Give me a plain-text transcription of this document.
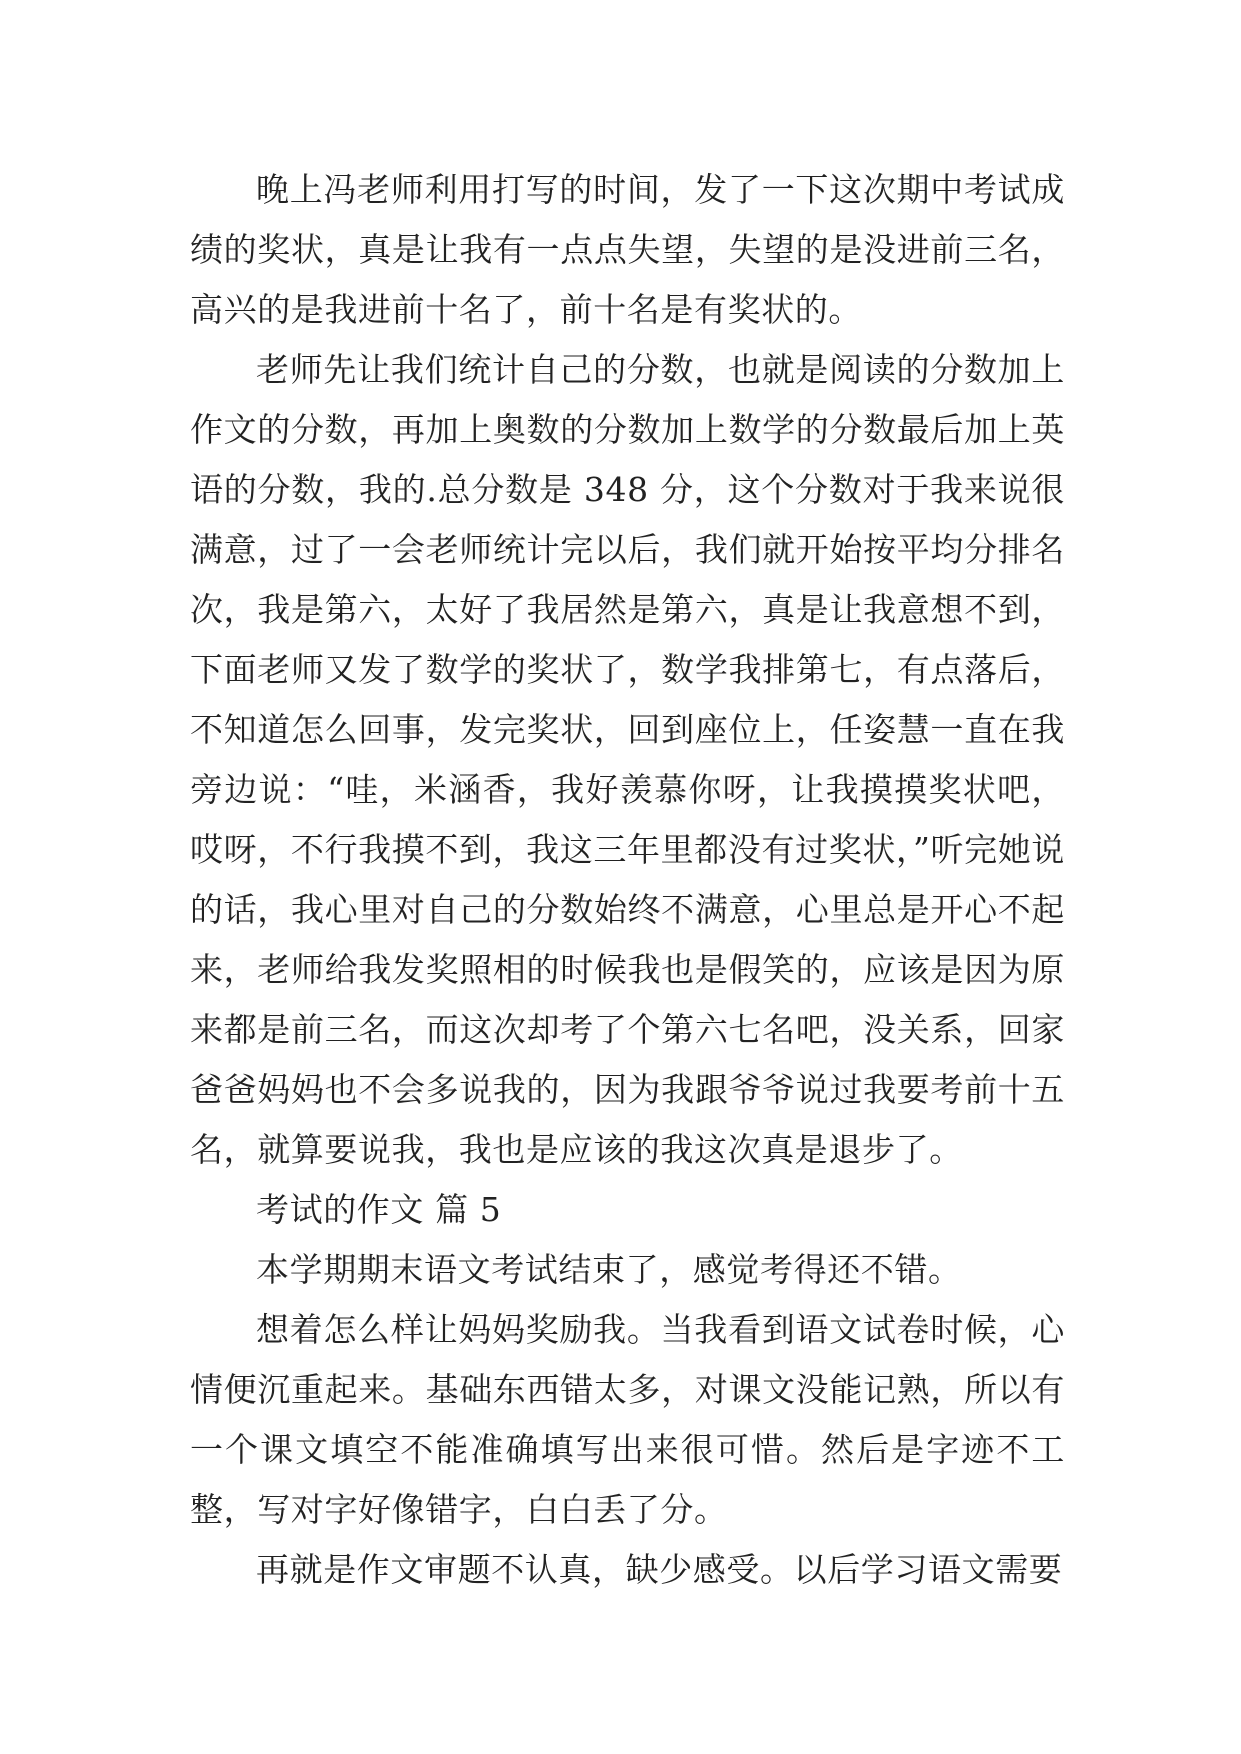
晚上冯老师利用打写的时间，发了一下这次期中考试成绩的奖状，真是让我有一点点失望，失望的是没进前三名，高兴的是我进前十名了，前十名是有奖状的。

老师先让我们统计自己的分数，也就是阅读的分数加上作文的分数，再加上奥数的分数加上数学的分数最后加上英语的分数，我的.总分数是 348 分，这个分数对于我来说很满意，过了一会老师统计完以后，我们就开始按平均分排名次，我是第六，太好了我居然是第六，真是让我意想不到，下面老师又发了数学的奖状了，数学我排第七，有点落后，不知道怎么回事，发完奖状，回到座位上，任姿慧一直在我旁边说：“哇，米涵香，我好羡慕你呀，让我摸摸奖状吧，哎呀，不行我摸不到，我这三年里都没有过奖状，”听完她说的话，我心里对自己的分数始终不满意，心里总是开心不起来，老师给我发奖照相的时候我也是假笑的，应该是因为原来都是前三名，而这次却考了个第六七名吧，没关系，回家爸爸妈妈也不会多说我的，因为我跟爷爷说过我要考前十五名，就算要说我，我也是应该的我这次真是退步了。

考试的作文 篇 5

本学期期末语文考试结束了，感觉考得还不错。

想着怎么样让妈妈奖励我。当我看到语文试卷时候，心情便沉重起来。基础东西错太多，对课文没能记熟，所以有一个课文填空不能准确填写出来很可惜。然后是字迹不工整，写对字好像错字，白白丢了分。

再就是作文审题不认真，缺少感受。以后学习语文需要
